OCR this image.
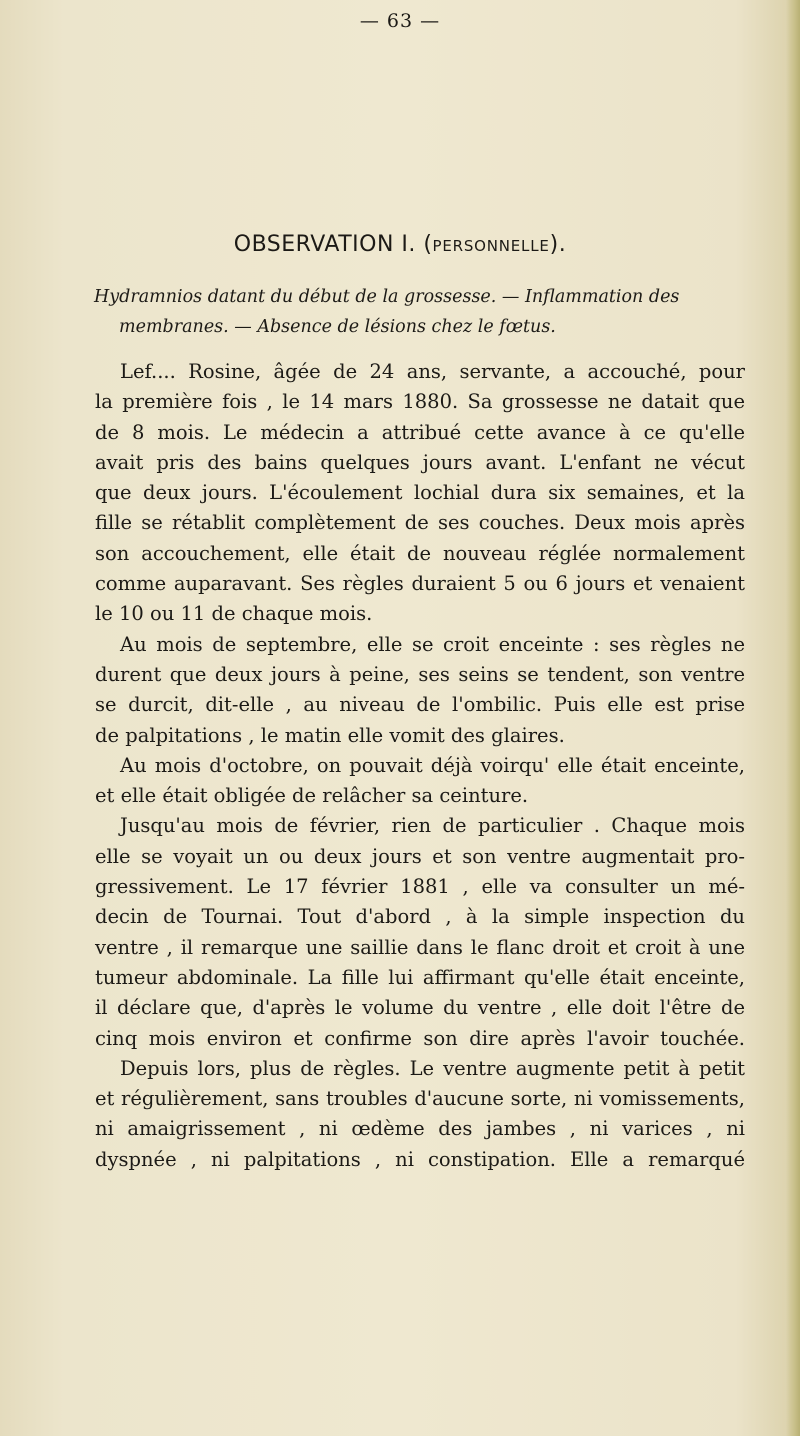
— 63 —
OBSERVATION I. (PERSONNELLE).
Hydramnios datant du début de la grossesse. — Inflammation des
membranes. — Absence de lésions chez le fœtus.
Lef.... Rosine, âgée de 24 ans, servante, a accouché, pour
la première fois , le 14 mars 1880. Sa grossesse ne datait que
de 8 mois. Le médecin a attribué cette avance à ce qu'elle
avait pris des bains quelques jours avant. L'enfant ne vécut
que deux jours. L'écoulement lochial dura six semaines, et la
fille se rétablit complètement de ses couches. Deux mois après
son accouchement, elle était de nouveau réglée normalement
comme auparavant. Ses règles duraient 5 ou 6 jours et venaient
le 10 ou 11 de chaque mois.
Au mois de septembre, elle se croit enceinte : ses règles ne
durent que deux jours à peine, ses seins se tendent, son ventre
se durcit, dit-elle , au niveau de l'ombilic. Puis elle est prise
de palpitations , le matin elle vomit des glaires.
Au mois d'octobre, on pouvait déjà voirqu' elle était enceinte,
et elle était obligée de relâcher sa ceinture.
Jusqu'au mois de février, rien de particulier . Chaque mois
elle se voyait un ou deux jours et son ventre augmentait pro-
gressivement. Le 17 février 1881 , elle va consulter un mé-
decin de Tournai. Tout d'abord , à la simple inspection du
ventre , il remarque une saillie dans le flanc droit et croit à une
tumeur abdominale. La fille lui affirmant qu'elle était enceinte,
il déclare que, d'après le volume du ventre , elle doit l'être de
cinq mois environ et confirme son dire après l'avoir touchée.
Depuis lors, plus de règles. Le ventre augmente petit à petit
et régulièrement, sans troubles d'aucune sorte, ni vomissements,
ni amaigrissement , ni œdème des jambes , ni varices , ni
dyspnée , ni palpitations , ni constipation. Elle a remarqué
